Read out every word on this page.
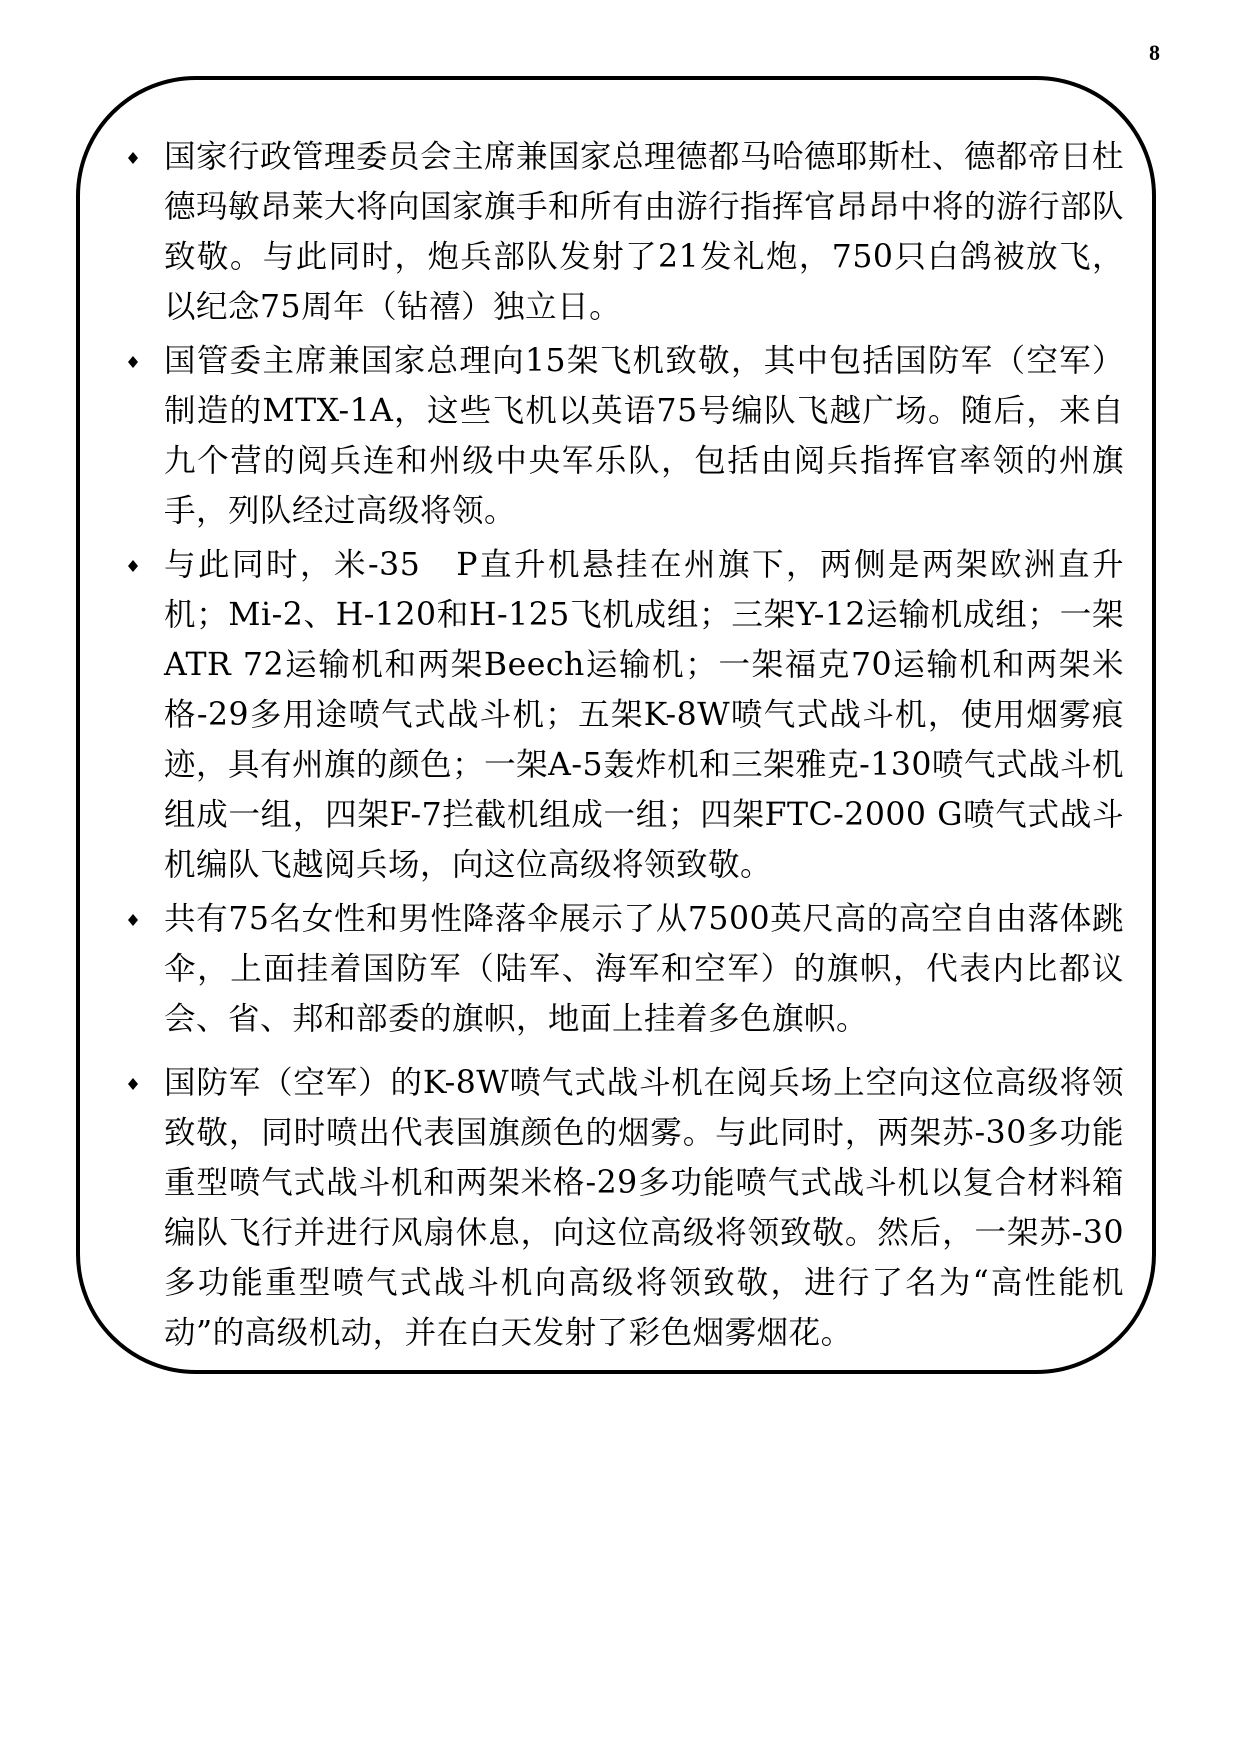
8
国家行政管理委员会主席兼国家总理德都马哈德耶斯杜、德都帝日杜德玛敏昂莱大将向国家旗手和所有由游行指挥官昂昂中将的游行部队致敬。与此同时，炮兵部队发射了21发礼炮，750只白鸽被放飞，以纪念75周年（钻禧）独立日。
国管委主席兼国家总理向15架飞机致敬，其中包括国防军（空军）制造的MTX-1A，这些飞机以英语75号编队飞越广场。随后，来自九个营的阅兵连和州级中央军乐队，包括由阅兵指挥官率领的州旗手，列队经过高级将领。
与此同时，米-35　P直升机悬挂在州旗下，两侧是两架欧洲直升机；Mi-2、H-120和H-125飞机成组；三架Y-12运输机成组；一架ATR 72运输机和两架Beech运输机；一架福克70运输机和两架米格-29多用途喷气式战斗机；五架K-8W喷气式战斗机，使用烟雾痕迹，具有州旗的颜色；一架A-5轰炸机和三架雅克-130喷气式战斗机组成一组，四架F-7拦截机组成一组；四架FTC-2000 G喷气式战斗机编队飞越阅兵场，向这位高级将领致敬。
共有75名女性和男性降落伞展示了从7500英尺高的高空自由落体跳伞，上面挂着国防军（陆军、海军和空军）的旗帜，代表内比都议会、省、邦和部委的旗帜，地面上挂着多色旗帜。
国防军（空军）的K-8W喷气式战斗机在阅兵场上空向这位高级将领致敬，同时喷出代表国旗颜色的烟雾。与此同时，两架苏-30多功能重型喷气式战斗机和两架米格-29多功能喷气式战斗机以复合材料箱编队飞行并进行风扇休息，向这位高级将领致敬。然后，一架苏-30多功能重型喷气式战斗机向高级将领致敬，进行了名为“高性能机动”的高级机动，并在白天发射了彩色烟雾烟花。
